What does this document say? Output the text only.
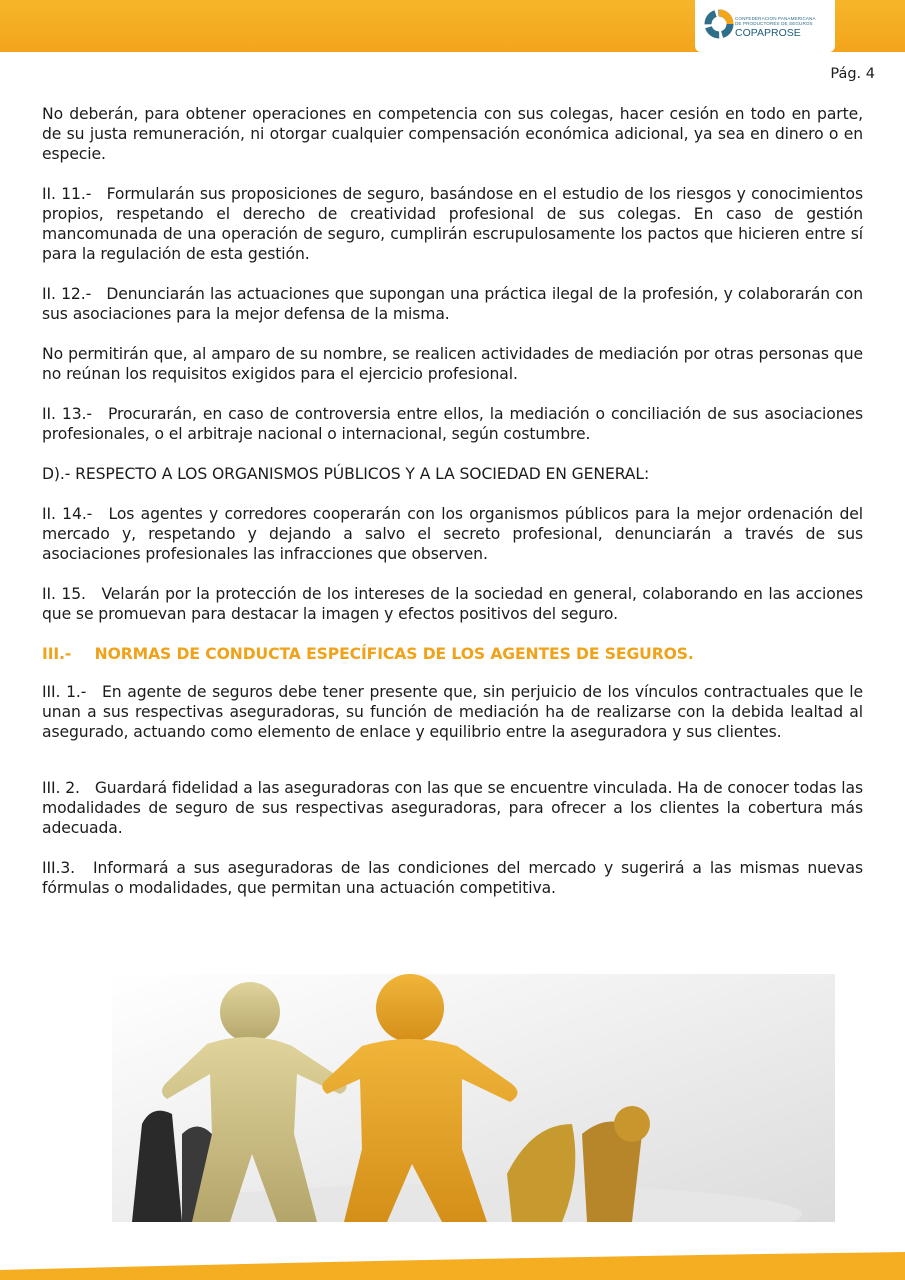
CONFEDERACION PANAMERICANA
DE PRODUCTORES DE SEGUROS
COPAPROSE
Pág. 4

No deberán, para obtener operaciones en competencia con sus colegas, hacer cesión en todo en parte, de su justa remuneración, ni otorgar cualquier compensación económica adicional, ya sea en dinero o en especie.

II. 11.- Formularán sus proposiciones de seguro, basándose en el estudio de los riesgos y conocimientos propios, respetando el derecho de creatividad profesional de sus colegas. En caso de gestión mancomunada de una operación de seguro, cumplirán escrupulosamente los pactos que hicieren entre sí para la regulación de esta gestión.

II. 12.- Denunciarán las actuaciones que supongan una práctica ilegal de la profesión, y colaborarán con sus asociaciones para la mejor defensa de la misma.

No permitirán que, al amparo de su nombre, se realicen actividades de mediación por otras personas que no reúnan los requisitos exigidos para el ejercicio profesional.

II. 13.- Procurarán, en caso de controversia entre ellos, la mediación o conciliación de sus asociaciones profesionales, o el arbitraje nacional o internacional, según costumbre.

D).- RESPECTO A LOS ORGANISMOS PÚBLICOS Y A LA SOCIEDAD EN GENERAL:

II. 14.- Los agentes y corredores cooperarán con los organismos públicos para la mejor ordenación del mercado y, respetando y dejando a salvo el secreto profesional, denunciarán a través de sus asociaciones profesionales las infracciones que observen.

II. 15. Velarán por la protección de los intereses de la sociedad en general, colaborando en las acciones que se promuevan para destacar la imagen y efectos positivos del seguro.

III.- NORMAS DE CONDUCTA ESPECÍFICAS DE LOS AGENTES DE SEGUROS.

III. 1.- En agente de seguros debe tener presente que, sin perjuicio de los vínculos contractuales que le unan a sus respectivas aseguradoras, su función de mediación ha de realizarse con la debida lealtad al asegurado, actuando como elemento de enlace y equilibrio entre la aseguradora y sus clientes.

III. 2. Guardará fidelidad a las aseguradoras con las que se encuentre vinculada. Ha de conocer todas las modalidades de seguro de sus respectivas aseguradoras, para ofrecer a los clientes la cobertura más adecuada.

III.3. Informará a sus aseguradoras de las condiciones del mercado y sugerirá a las mismas nuevas fórmulas o modalidades, que permitan una actuación competitiva.
